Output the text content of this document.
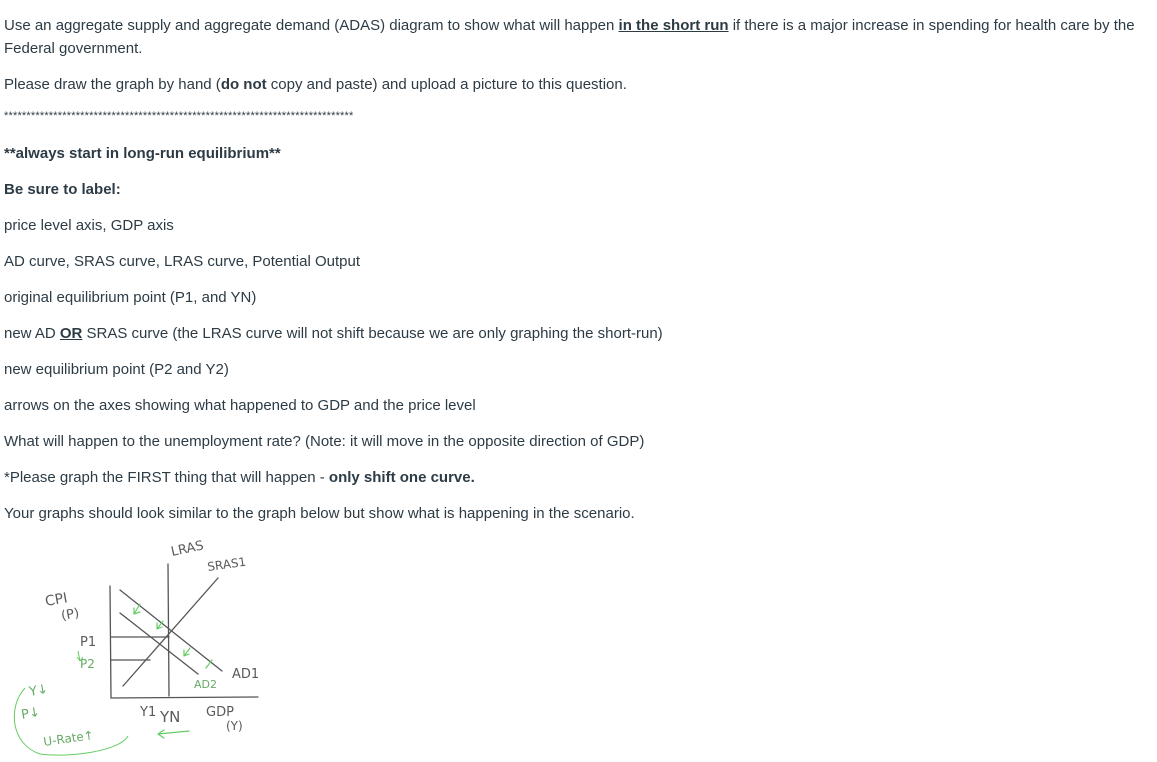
Use an aggregate supply and aggregate demand (ADAS) diagram to show what will happen in the short run if there is a major increase in spending for health care by the Federal government.

Please draw the graph by hand (do not copy and paste) and upload a picture to this question.

******************************************************************************
**always start in long-run equilibrium**
Be sure to label:
price level axis, GDP axis
AD curve, SRAS curve, LRAS curve, Potential Output
original equilibrium point (P1, and YN)
new AD OR SRAS curve (the LRAS curve will not shift because we are only graphing the short-run)
new equilibrium point (P2 and Y2)
arrows on the axes showing what happened to GDP and the price level
What will happen to the unemployment rate? (Note: it will move in the opposite direction of GDP)
*Please graph the FIRST thing that will happen - only shift one curve.
Your graphs should look similar to the graph below but show what is happening in the scenario.
LRAS
SRAS1
CPI
(P)
P1
P2
AD2
AD1
Y1 YN GDP
(Y)
Y↓
P↓
U-Rate↑
